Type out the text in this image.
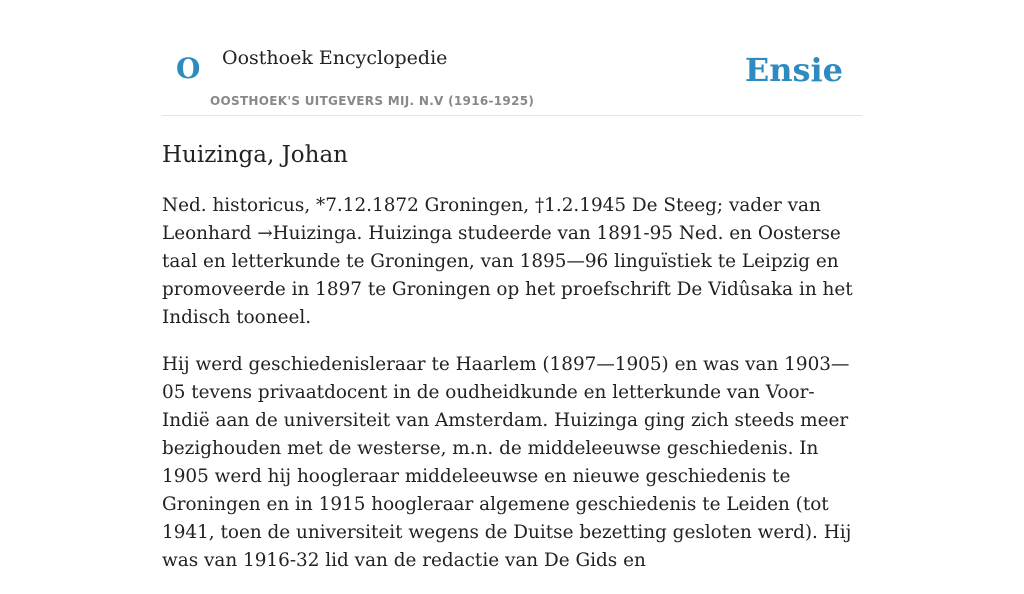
O Oosthoek Encyclopedie
OOSTHOEK'S UITGEVERS MIJ. N.V (1916-1925)
Ensie
Huizinga, Johan

Ned. historicus, *7.12.1872 Groningen, †1.2.1945 De Steeg; vader van Leonhard →Huizinga. Huizinga studeerde van 1891-95 Ned. en Oosterse taal en letterkunde te Groningen, van 1895—96 linguïstiek te Leipzig en promoveerde in 1897 te Groningen op het proefschrift De Vidûsaka in het Indisch tooneel.

Hij werd geschiedenisleraar te Haarlem (1897—1905) en was van 1903—05 tevens privaatdocent in de oudheidkunde en letterkunde van Voor-Indië aan de universiteit van Amsterdam. Huizinga ging zich steeds meer bezighouden met de westerse, m.n. de middeleeuwse geschiedenis. In 1905 werd hij hoogleraar middeleeuwse en nieuwe geschiedenis te Groningen en in 1915 hoogleraar algemene geschiedenis te Leiden (tot 1941, toen de universiteit wegens de Duitse bezetting gesloten werd). Hij was van 1916-32 lid van de redactie van De Gids en
